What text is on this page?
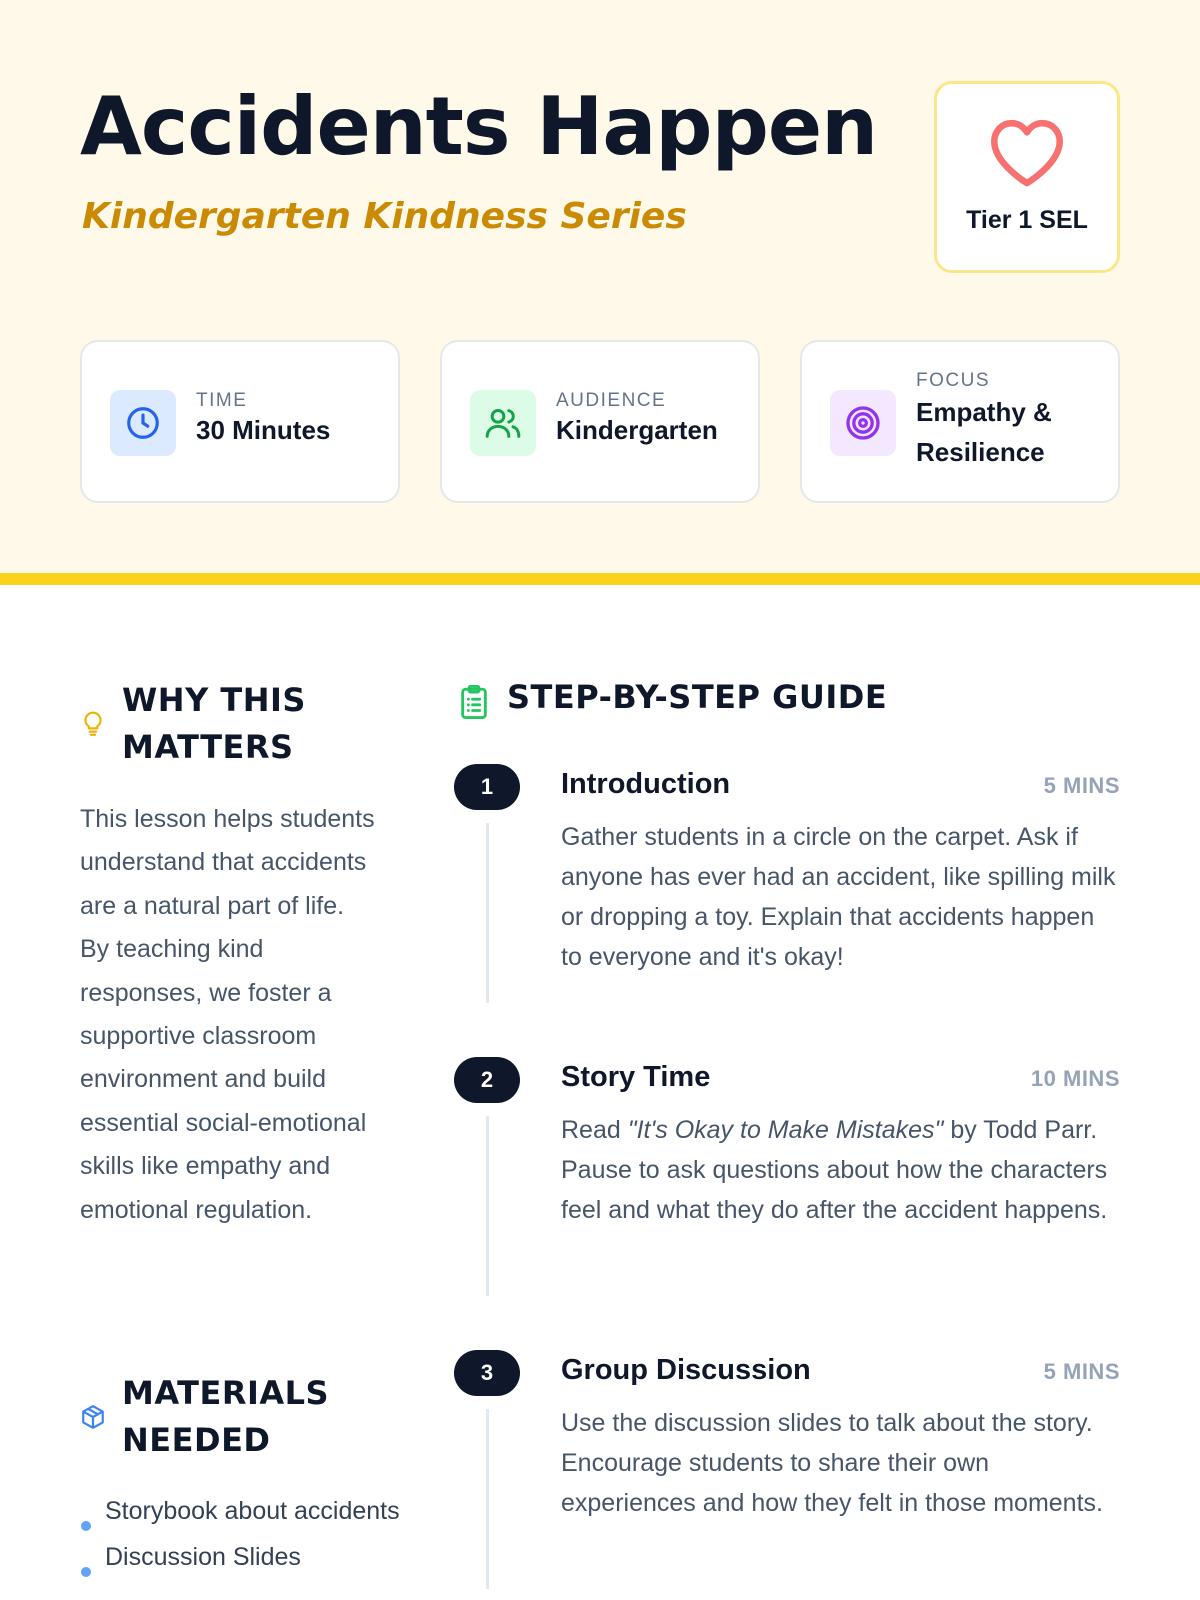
Accidents Happen
Kindergarten Kindness Series	Tier 1 SEL
TIME
30 Minutes
AUDIENCE
Kindergarten
FOCUS
Empathy & Resilience
WHY THIS MATTERS

This lesson helps students understand that accidents are a natural part of life. By teaching kind responses, we foster a supportive classroom environment and build essential social-emotional skills like empathy and emotional regulation.

MATERIALS NEEDED
Storybook about accidents
Discussion Slides
STEP-BY-STEP GUIDE
1	Introduction	5 MINS

Gather students in a circle on the carpet. Ask if anyone has ever had an accident, like spilling milk or dropping a toy. Explain that accidents happen to everyone and it's okay!

2	Story Time	10 MINS

Read "It's Okay to Make Mistakes" by Todd Parr. Pause to ask questions about how the characters feel and what they do after the accident happens.

3	Group Discussion	5 MINS

Use the discussion slides to talk about the story. Encourage students to share their own experiences and how they felt in those moments.
